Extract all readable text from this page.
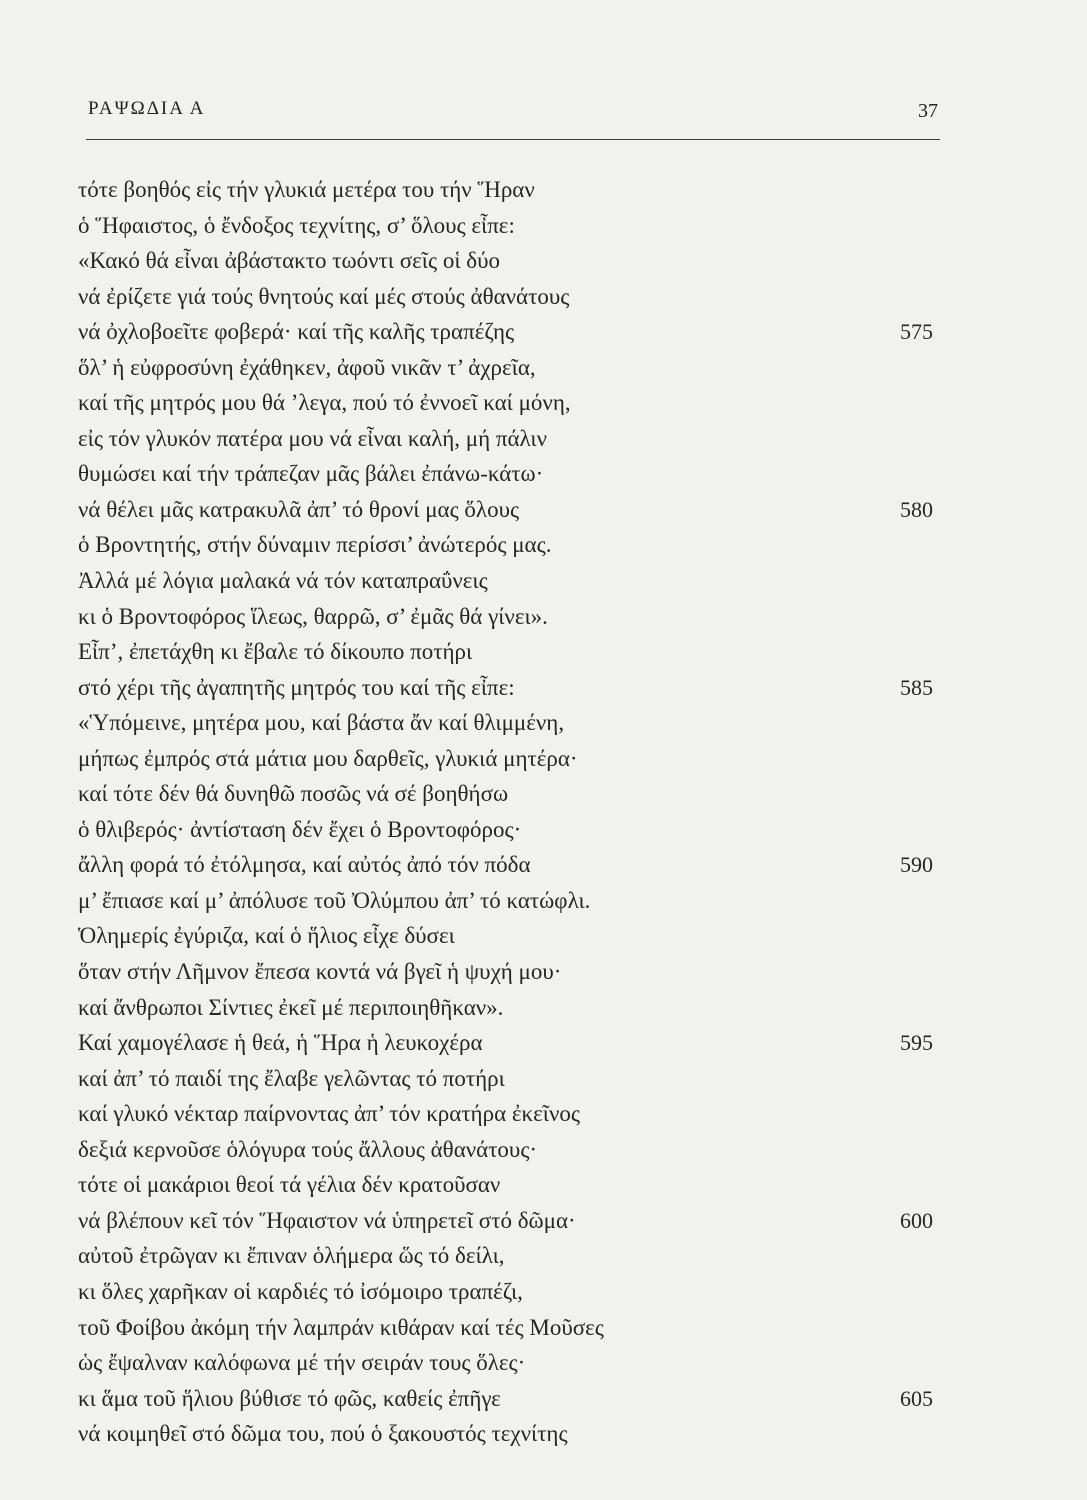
ΡΑΨΩΔΙΑ Α	37
τότε βοηθός εἰς τήν γλυκιά μετέρα του τήν Ἥραν
ὁ Ἥφαιστος, ὁ ἔνδοξος τεχνίτης, σ’ ὅλους εἶπε:
«Κακό θά εἶναι ἀβάστακτο τωόντι σεῖς οἱ δύο
νά ἐρίζετε γιά τούς θνητούς καί μές στούς ἀθανάτους
νά ὀχλοβοεῖτε φοβερά· καί τῆς καλῆς τραπέζης	575
ὅλ’ ἡ εὐφροσύνη ἐχάθηκεν, ἀφοῦ νικᾶν τ’ ἀχρεῖα,
καί τῆς μητρός μου θά ’λεγα, πού τό ἐννοεῖ καί μόνη,
εἰς τόν γλυκόν πατέρα μου νά εἶναι καλή, μή πάλιν
θυμώσει καί τήν τράπεζαν μᾶς βάλει ἐπάνω-κάτω·
νά θέλει μᾶς κατρακυλᾶ ἀπ’ τό θρονί μας ὅλους	580
ὁ Βροντητής, στήν δύναμιν περίσσι’ ἀνώτερός μας.
Ἀλλά μέ λόγια μαλακά νά τόν καταπραΰνεις
κι ὁ Βροντοφόρος ἵλεως, θαρρῶ, σ’ ἐμᾶς θά γίνει».
Εἶπ’, ἐπετάχθη κι ἔβαλε τό δίκουπο ποτήρι
στό χέρι τῆς ἀγαπητῆς μητρός του καί τῆς εἶπε:	585
«Ὑπόμεινε, μητέρα μου, καί βάστα ἄν καί θλιμμένη,
μήπως ἐμπρός στά μάτια μου δαρθεῖς, γλυκιά μητέρα·
καί τότε δέν θά δυνηθῶ ποσῶς νά σέ βοηθήσω
ὁ θλιβερός· ἀντίσταση δέν ἔχει ὁ Βροντοφόρος·
ἄλλη φορά τό ἐτόλμησα, καί αὐτός ἀπό τόν πόδα	590
μ’ ἔπιασε καί μ’ ἀπόλυσε τοῦ Ὀλύμπου ἀπ’ τό κατώφλι.
Ὁλημερίς ἐγύριζα, καί ὁ ἥλιος εἶχε δύσει
ὅταν στήν Λῆμνον ἔπεσα κοντά νά βγεῖ ἡ ψυχή μου·
καί ἄνθρωποι Σίντιες ἐκεῖ μέ περιποιηθῆκαν».
Καί χαμογέλασε ἡ θεά, ἡ Ἥρα ἡ λευκοχέρα	595
καί ἀπ’ τό παιδί της ἔλαβε γελῶντας τό ποτήρι
καί γλυκό νέκταρ παίρνοντας ἀπ’ τόν κρατήρα ἐκεῖνος
δεξιά κερνοῦσε ὁλόγυρα τούς ἄλλους ἀθανάτους·
τότε οἱ μακάριοι θεοί τά γέλια δέν κρατοῦσαν
νά βλέπουν κεῖ τόν Ἥφαιστον νά ὑπηρετεῖ στό δῶμα·	600
αὐτοῦ ἐτρῶγαν κι ἔπιναν ὁλήμερα ὥς τό δείλι,
κι ὅλες χαρῆκαν οἱ καρδιές τό ἰσόμοιρο τραπέζι,
τοῦ Φοίβου ἀκόμη τήν λαμπράν κιθάραν καί τές Μοῦσες
ὡς ἔψαλναν καλόφωνα μέ τήν σειράν τους ὅλες·
κι ἅμα τοῦ ἥλιου βύθισε τό φῶς, καθείς ἐπῆγε	605
νά κοιμηθεῖ στό δῶμα του, πού ὁ ξακουστός τεχνίτης
